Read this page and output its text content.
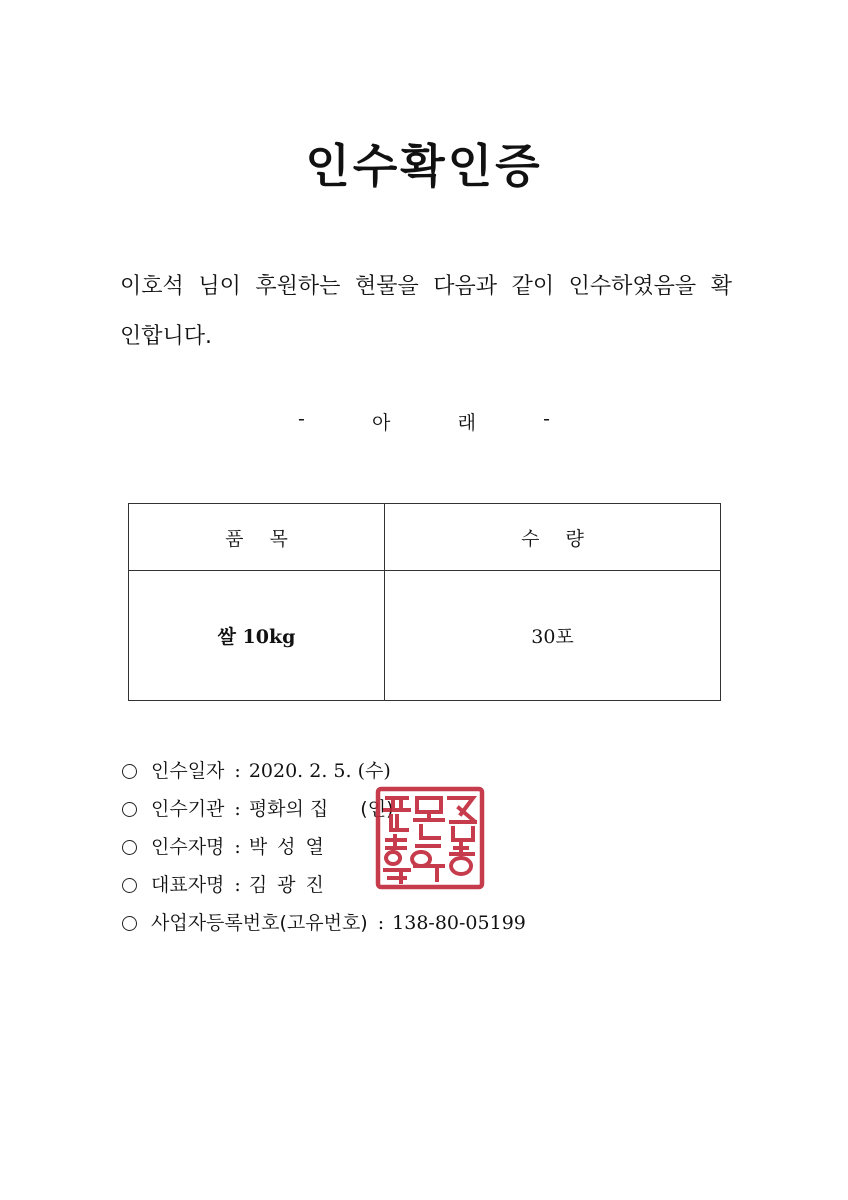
인수확인증

이호석 님이 후원하는 현물을 다음과 같이 인수하였음을 확
인합니다.

-	아	래	-
품목	수량
쌀 10kg	30포
인수일자 : 2020. 2. 5. (수)
인수기관 : 평화의 집 (인)
인수자명 : 박성열
대표자명 : 김광진
사업자등록번호(고유번호) : 138-80-05199
